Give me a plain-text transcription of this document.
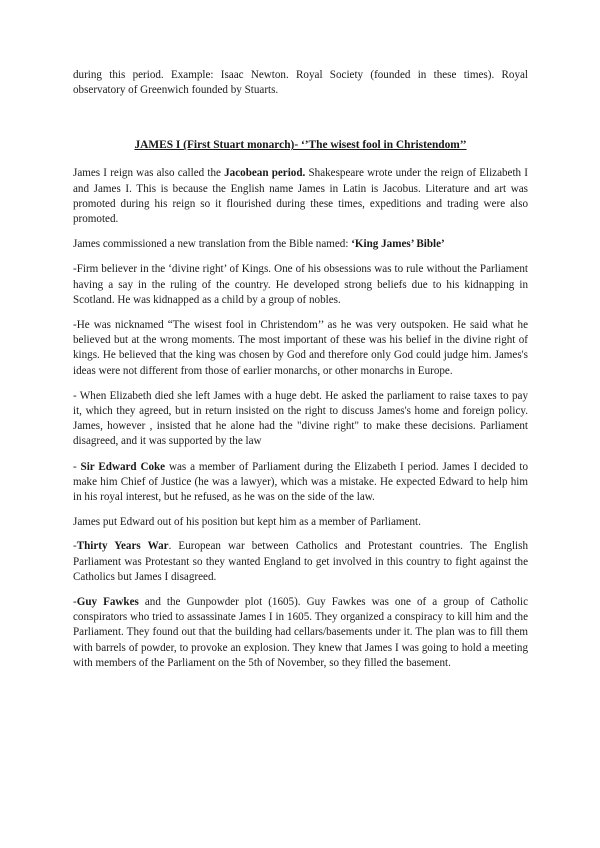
during this period. Example: Isaac Newton. Royal Society (founded in these times). Royal observatory of Greenwich founded by Stuarts.

JAMES I (First Stuart monarch)- ‘’The wisest fool in Christendom’’

James I reign was also called the Jacobean period. Shakespeare wrote under the reign of Elizabeth I and James I. This is because the English name James in Latin is Jacobus. Literature and art was promoted during his reign so it flourished during these times, expeditions and trading were also promoted.

James commissioned a new translation from the Bible named: ‘King James’ Bible’

-Firm believer in the ‘divine right’ of Kings. One of his obsessions was to rule without the Parliament having a say in the ruling of the country. He developed strong beliefs due to his kidnapping in Scotland. He was kidnapped as a child by a group of nobles.

-He was nicknamed “The wisest fool in Christendom’’ as he was very outspoken. He said what he believed but at the wrong moments. The most important of these was his belief in the divine right of kings. He believed that the king was chosen by God and therefore only God could judge him. James's ideas were not different from those of earlier monarchs, or other monarchs in Europe.

- When Elizabeth died she left James with a huge debt. He asked the parliament to raise taxes to pay it, which they agreed, but in return insisted on the right to discuss James's home and foreign policy. James, however , insisted that he alone had the "divine right" to make these decisions. Parliament disagreed, and it was supported by the law

- Sir Edward Coke was a member of Parliament during the Elizabeth I period. James I decided to make him Chief of Justice (he was a lawyer), which was a mistake. He expected Edward to help him in his royal interest, but he refused, as he was on the side of the law.

James put Edward out of his position but kept him as a member of Parliament.

-Thirty Years War. European war between Catholics and Protestant countries. The English Parliament was Protestant so they wanted England to get involved in this country to fight against the Catholics but James I disagreed.

-Guy Fawkes and the Gunpowder plot (1605). Guy Fawkes was one of a group of Catholic conspirators who tried to assassinate James I in 1605. They organized a conspiracy to kill him and the Parliament. They found out that the building had cellars/basements under it. The plan was to fill them with barrels of powder, to provoke an explosion. They knew that James I was going to hold a meeting with members of the Parliament on the 5th of November, so they filled the basement.
